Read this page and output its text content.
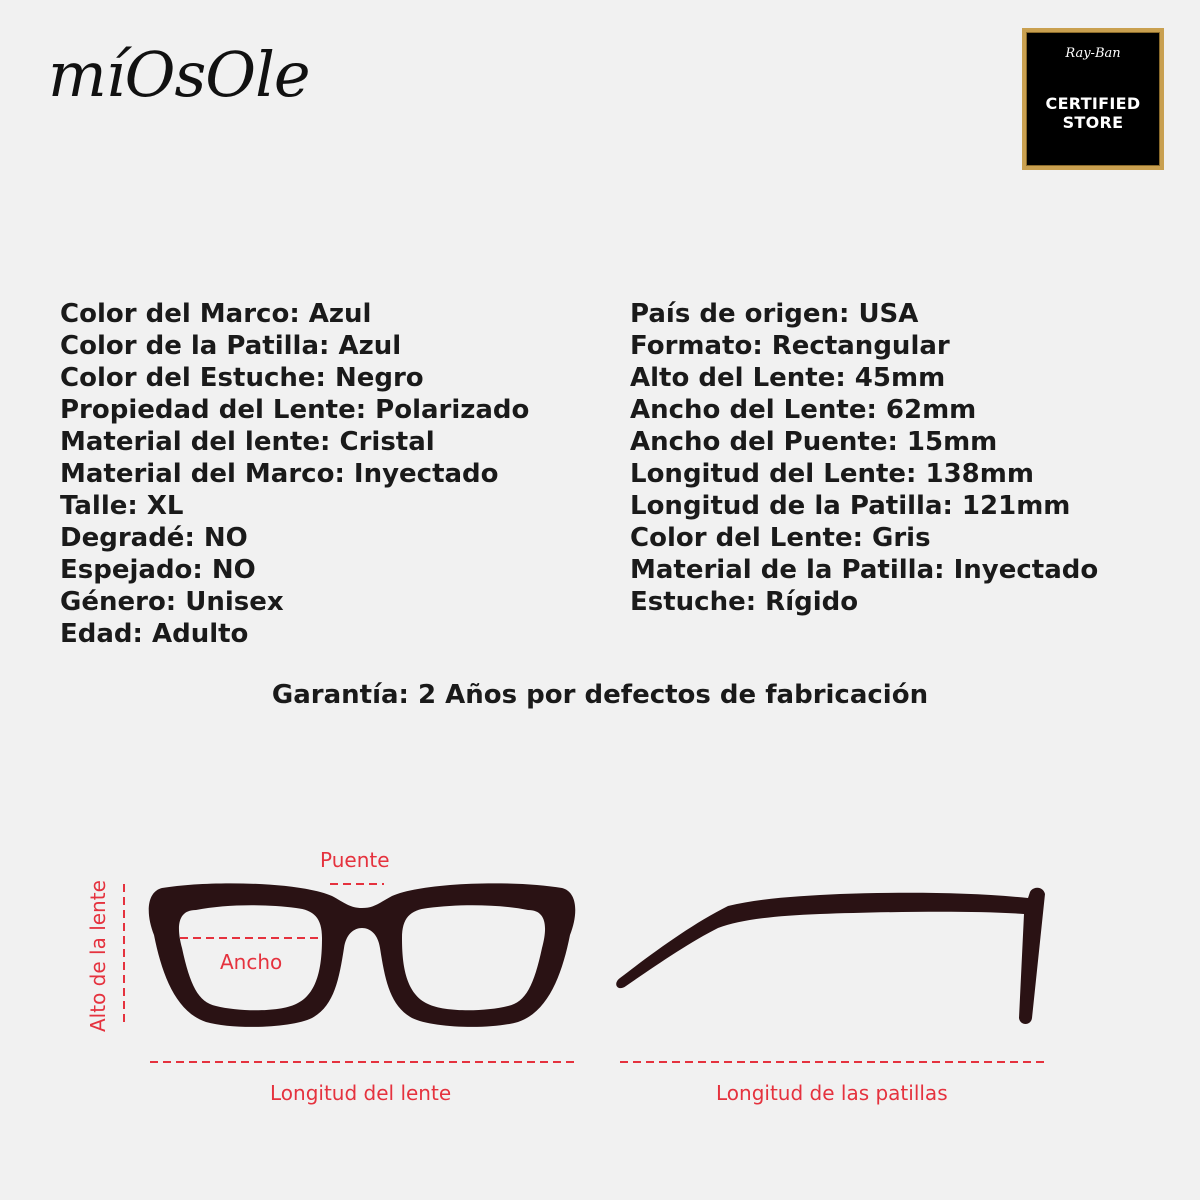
míOsOle	Ray-Ban
CERTIFIED
STORE
Color del Marco: Azul
Color de la Patilla: Azul
Color del Estuche: Negro
Propiedad del Lente: Polarizado
Material del lente: Cristal
Material del Marco: Inyectado
Talle: XL
Degradé: NO
Espejado: NO
Género: Unisex
Edad: Adulto
País de origen: USA
Formato: Rectangular
Alto del Lente: 45mm
Ancho del Lente: 62mm
Ancho del Puente: 15mm
Longitud del Lente: 138mm
Longitud de la Patilla: 121mm
Color del Lente: Gris
Material de la Patilla: Inyectado
Estuche: Rígido
Garantía: 2 Años por defectos de fabricación
Puente
Ancho
Alto de la lente
Longitud del lente	Longitud de las patillas
